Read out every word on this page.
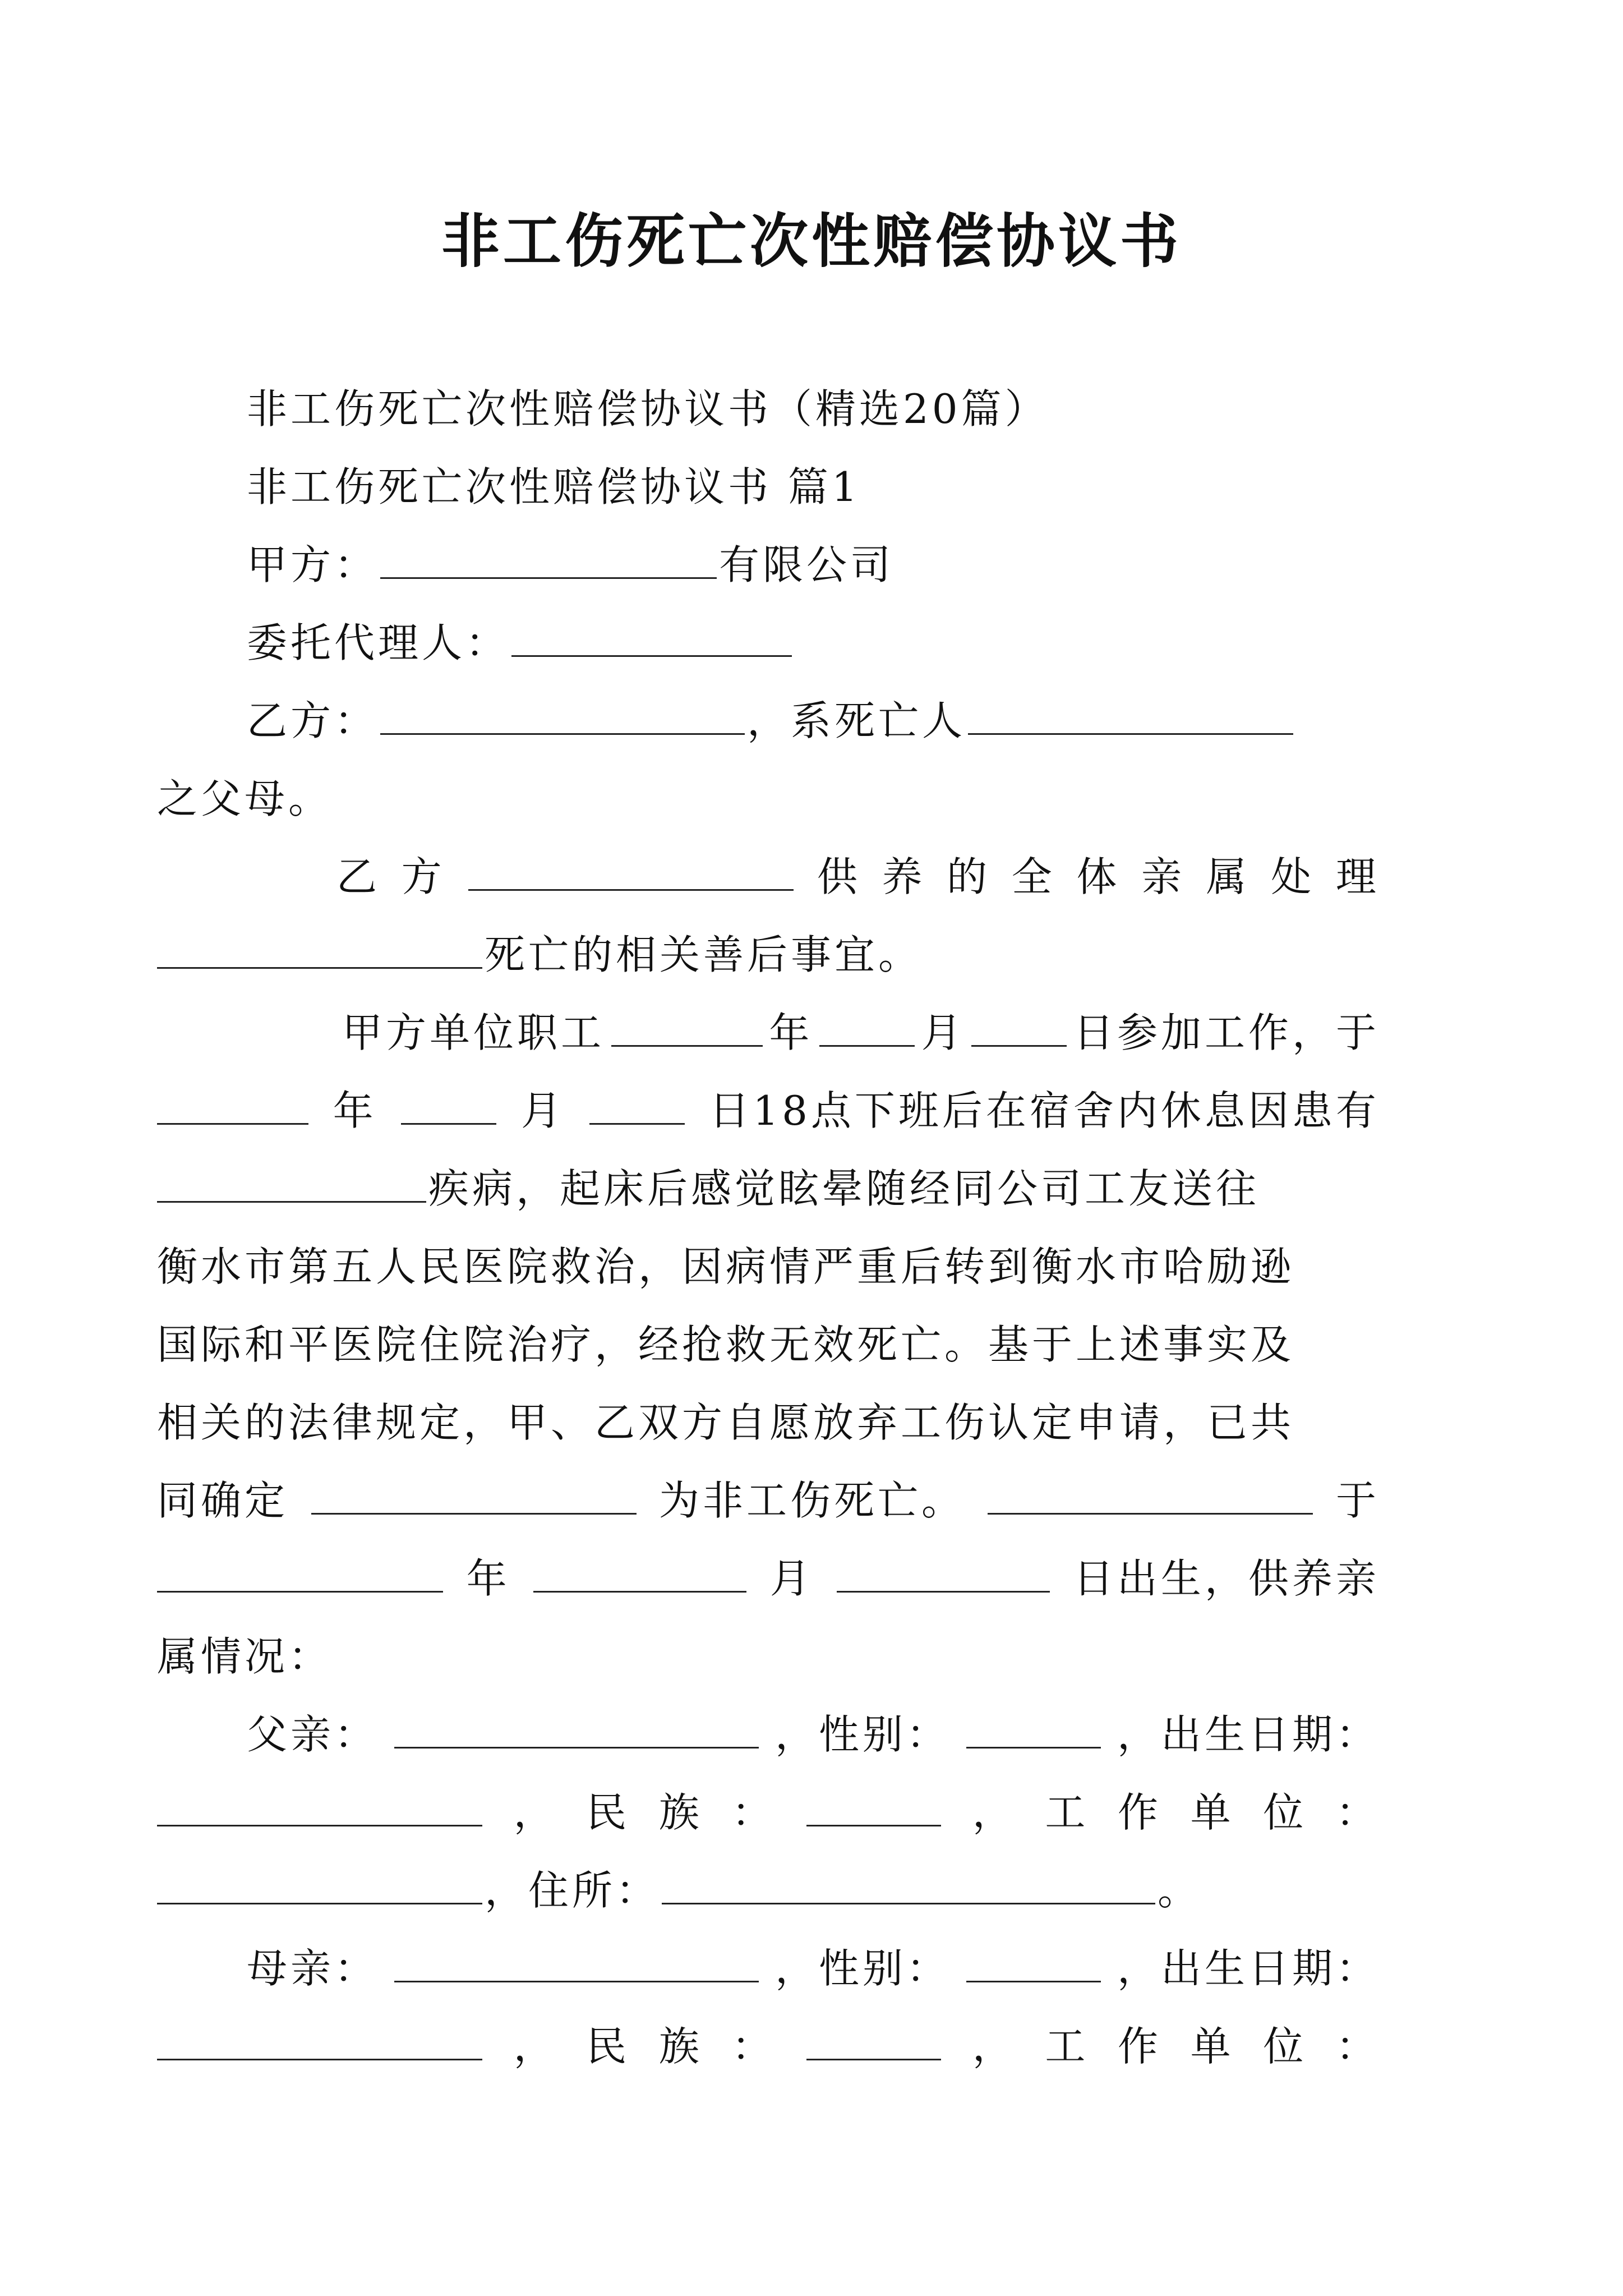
非工伤死亡次性赔偿协议书

非工伤死亡次性赔偿协议书（精选20篇）

非工伤死亡次性赔偿协议书 篇1

甲方：	有限公司

委托代理人：

乙方：	，系死亡人

之父母。

乙 方	供 养 的 全 体 亲 属 处 理

死亡的相关善后事宜。

甲方单位职工	年	月	日参加工作，于
年	月	日18点下班后在宿舍内休息因患有

疾病，起床后感觉眩晕随经同公司工友送往

衡水市第五人民医院救治，因病情严重后转到衡水市哈励逊

国际和平医院住院治疗，经抢救无效死亡。基于上述事实及

相关的法律规定，甲、乙双方自愿放弃工伤认定申请，已共

同确定	为非工伤死亡。	于
年	月	日出生，供养亲

属情况：

父亲：	，性别：	，出生日期：
， 民 族 ：	， 工 作 单 位 ：

，住所：	。

母亲：	，性别：	，出生日期：
， 民 族 ：	， 工 作 单 位 ：
